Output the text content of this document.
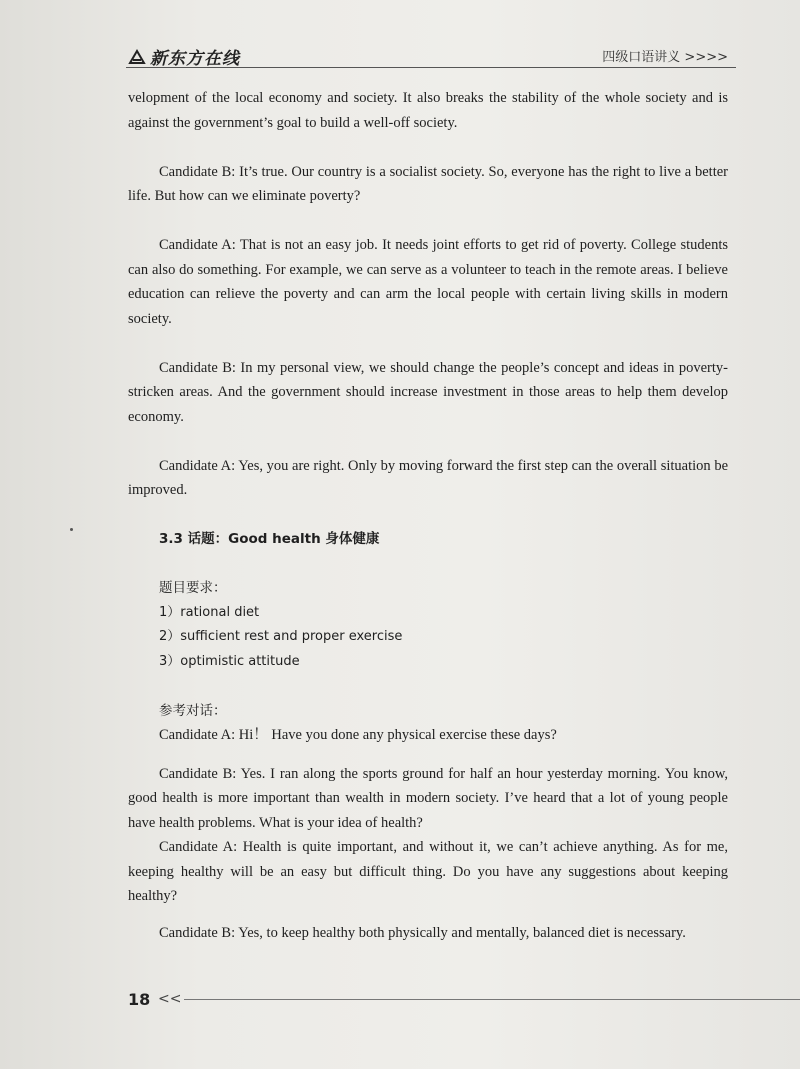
新东方在线	四级口语讲义 >>>>

velopment of the local economy and society. It also breaks the stability of the whole society and is against the government’s goal to build a well-off society.

Candidate B: It’s true. Our country is a socialist society. So, everyone has the right to live a better life. But how can we eliminate poverty?

Candidate A: That is not an easy job. It needs joint efforts to get rid of poverty. College students can also do something. For example, we can serve as a volunteer to teach in the remote areas. I believe education can relieve the poverty and can arm the local people with certain living skills in modern society.

Candidate B: In my personal view, we should change the people’s concept and ideas in poverty-stricken areas. And the government should increase investment in those areas to help them develop economy.

Candidate A: Yes, you are right. Only by moving forward the first step can the overall situation be improved.

3.3 话题：Good health 身体健康

题目要求：

1）rational diet

2）sufficient rest and proper exercise

3）optimistic attitude

参考对话：

Candidate A: Hi！ Have you done any physical exercise these days?

Candidate B: Yes. I ran along the sports ground for half an hour yesterday morning. You know, good health is more important than wealth in modern society. I’ve heard that a lot of young people have health problems. What is your idea of health?

Candidate A: Health is quite important, and without it, we can’t achieve anything. As for me, keeping healthy will be an easy but difficult thing. Do you have any suggestions about keeping healthy?

Candidate B: Yes, to keep healthy both physically and mentally, balanced diet is necessary.

18 <<
